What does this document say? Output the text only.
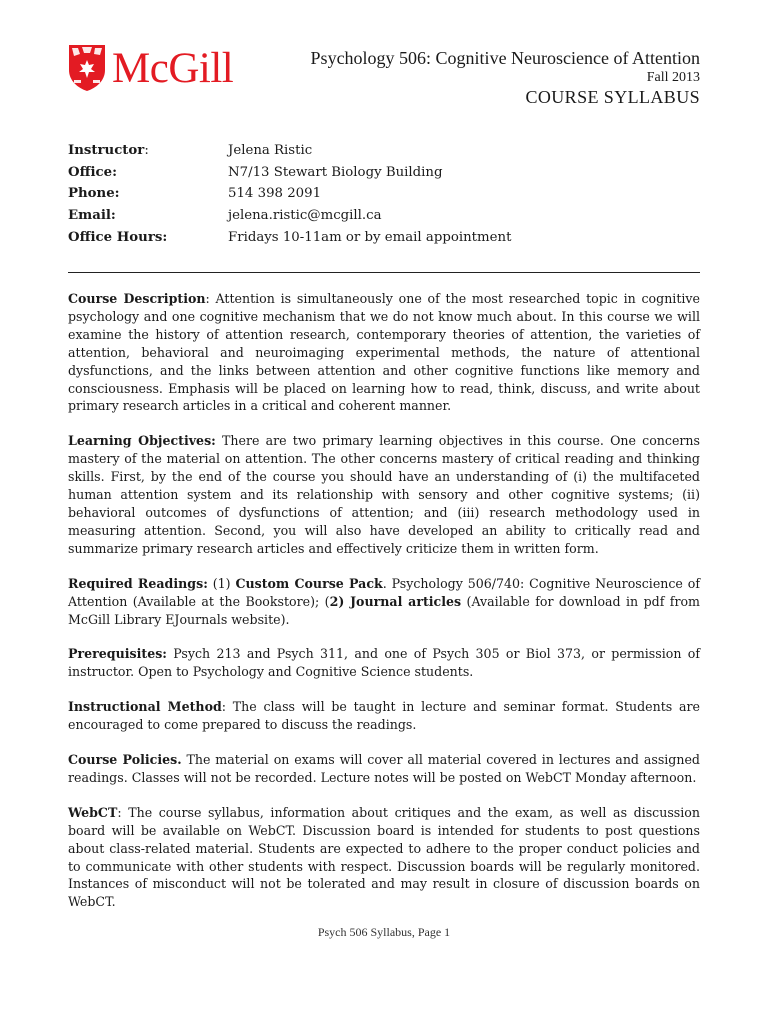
McGill	Psychology 506: Cognitive Neuroscience of Attention
Fall 2013
COURSE SYLLABUS
Instructor:	Jelena Ristic
Office:	N7/13 Stewart Biology Building
Phone:	514 398 2091
Email:	jelena.ristic@mcgill.ca
Office Hours:	Fridays 10-11am or by email appointment

Course Description: Attention is simultaneously one of the most researched topic in cognitive psychology and one cognitive mechanism that we do not know much about. In this course we will examine the history of attention research, contemporary theories of attention, the varieties of attention, behavioral and neuroimaging experimental methods, the nature of attentional dysfunctions, and the links between attention and other cognitive functions like memory and consciousness. Emphasis will be placed on learning how to read, think, discuss, and write about primary research articles in a critical and coherent manner.

Learning Objectives: There are two primary learning objectives in this course. One concerns mastery of the material on attention. The other concerns mastery of critical reading and thinking skills. First, by the end of the course you should have an understanding of (i) the multifaceted human attention system and its relationship with sensory and other cognitive systems; (ii) behavioral outcomes of dysfunctions of attention; and (iii) research methodology used in measuring attention. Second, you will also have developed an ability to critically read and summarize primary research articles and effectively criticize them in written form.

Required Readings: (1) Custom Course Pack. Psychology 506/740: Cognitive Neuroscience of Attention (Available at the Bookstore); (2) Journal articles (Available for download in pdf from McGill Library EJournals website).

Prerequisites: Psych 213 and Psych 311, and one of Psych 305 or Biol 373, or permission of instructor. Open to Psychology and Cognitive Science students.

Instructional Method: The class will be taught in lecture and seminar format. Students are encouraged to come prepared to discuss the readings.

Course Policies. The material on exams will cover all material covered in lectures and assigned readings. Classes will not be recorded. Lecture notes will be posted on WebCT Monday afternoon.

WebCT: The course syllabus, information about critiques and the exam, as well as discussion board will be available on WebCT. Discussion board is intended for students to post questions about class-related material. Students are expected to adhere to the proper conduct policies and to communicate with other students with respect. Discussion boards will be regularly monitored. Instances of misconduct will not be tolerated and may result in closure of discussion boards on WebCT.

Psych 506 Syllabus, Page 1
